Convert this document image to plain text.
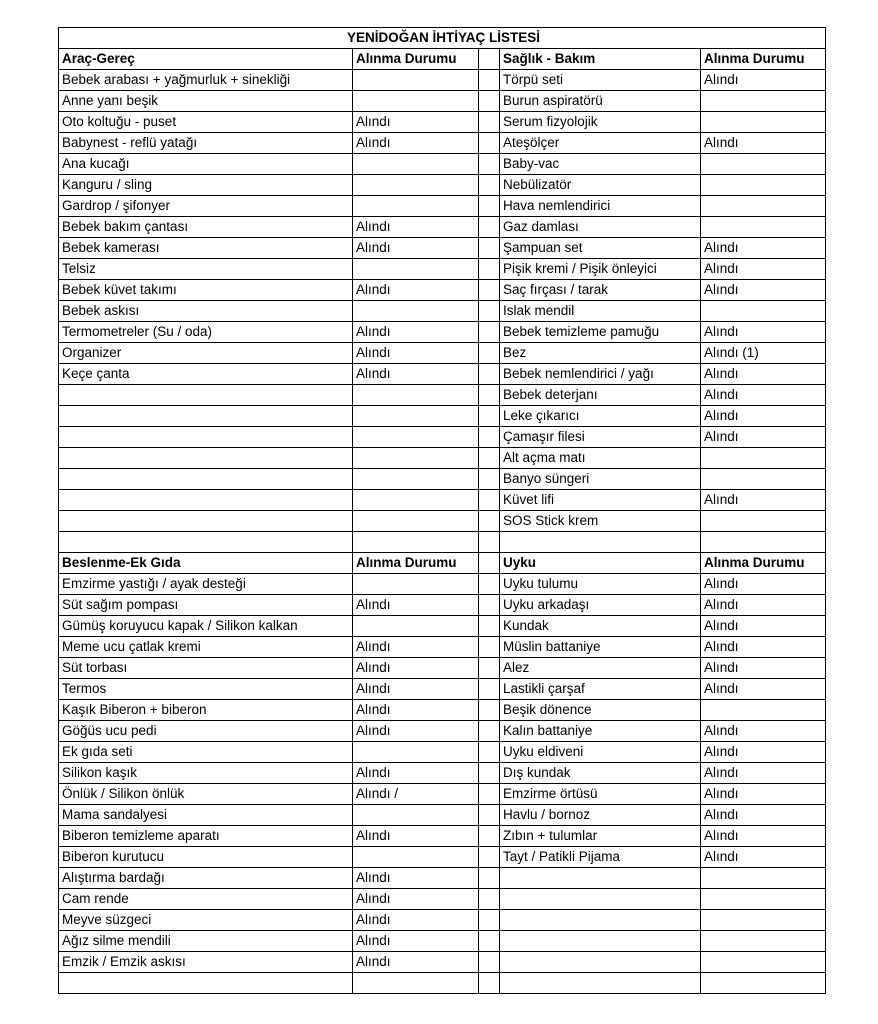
YENİDOĞAN İHTİYAÇ LİSTESİ				
Araç-Gereç	Alınma Durumu		Sağlık - Bakım	Alınma Durumu
Bebek arabası + yağmurluk + sinekliği			Törpü seti	Alındı
Anne yanı beşik			Burun aspiratörü	
Oto koltuğu - puset	Alındı		Serum fizyolojik	
Babynest - reflü yatağı	Alındı		Ateşölçer	Alındı
Ana kucağı			Baby-vac	
Kanguru / sling			Nebülizatör	
Gardrop / şifonyer			Hava nemlendirici	
Bebek bakım çantası	Alındı		Gaz damlası	
Bebek kamerası	Alındı		Şampuan set	Alındı
Telsiz			Pişik kremi / Pişik önleyici	Alındı
Bebek küvet takımı	Alındı		Saç fırçası / tarak	Alındı
Bebek askısı			Islak mendil	
Termometreler (Su / oda)	Alındı		Bebek temizleme pamuğu	Alındı
Organizer	Alındı		Bez	Alındı (1)
Keçe çanta	Alındı		Bebek nemlendirici / yağı	Alındı
			Bebek deterjanı	Alındı
			Leke çıkarıcı	Alındı
			Çamaşır filesi	Alındı
			Alt açma matı	
			Banyo süngeri	
			Küvet lifi	Alındı
			SOS Stick krem	

Beslenme-Ek Gıda	Alınma Durumu		Uyku	Alınma Durumu
Emzirme yastığı / ayak desteği			Uyku tulumu	Alındı
Süt sağım pompası	Alındı		Uyku arkadaşı	Alındı
Gümüş koruyucu kapak / Silikon kalkan			Kundak	Alındı
Meme ucu çatlak kremi	Alındı		Müslin battaniye	Alındı
Süt torbası	Alındı		Alez	Alındı
Termos	Alındı		Lastikli çarşaf	Alındı
Kaşık Biberon + biberon	Alındı		Beşik dönence	
Göğüs ucu pedi	Alındı		Kalın battaniye	Alındı
Ek gıda seti			Uyku eldiveni	Alındı
Silikon kaşık	Alındı		Dış kundak	Alındı
Önlük / Silikon önlük	Alındı /		Emzirme örtüsü	Alındı
Mama sandalyesi			Havlu / bornoz	Alındı
Biberon temizleme aparatı	Alındı		Zıbın + tulumlar	Alındı
Biberon kurutucu			Tayt / Patikli Pijama	Alındı
Alıştırma bardağı	Alındı			
Cam rende	Alındı			
Meyve süzgeci	Alındı			
Ağız silme mendili	Alındı			
Emzik / Emzik askısı	Alındı			
